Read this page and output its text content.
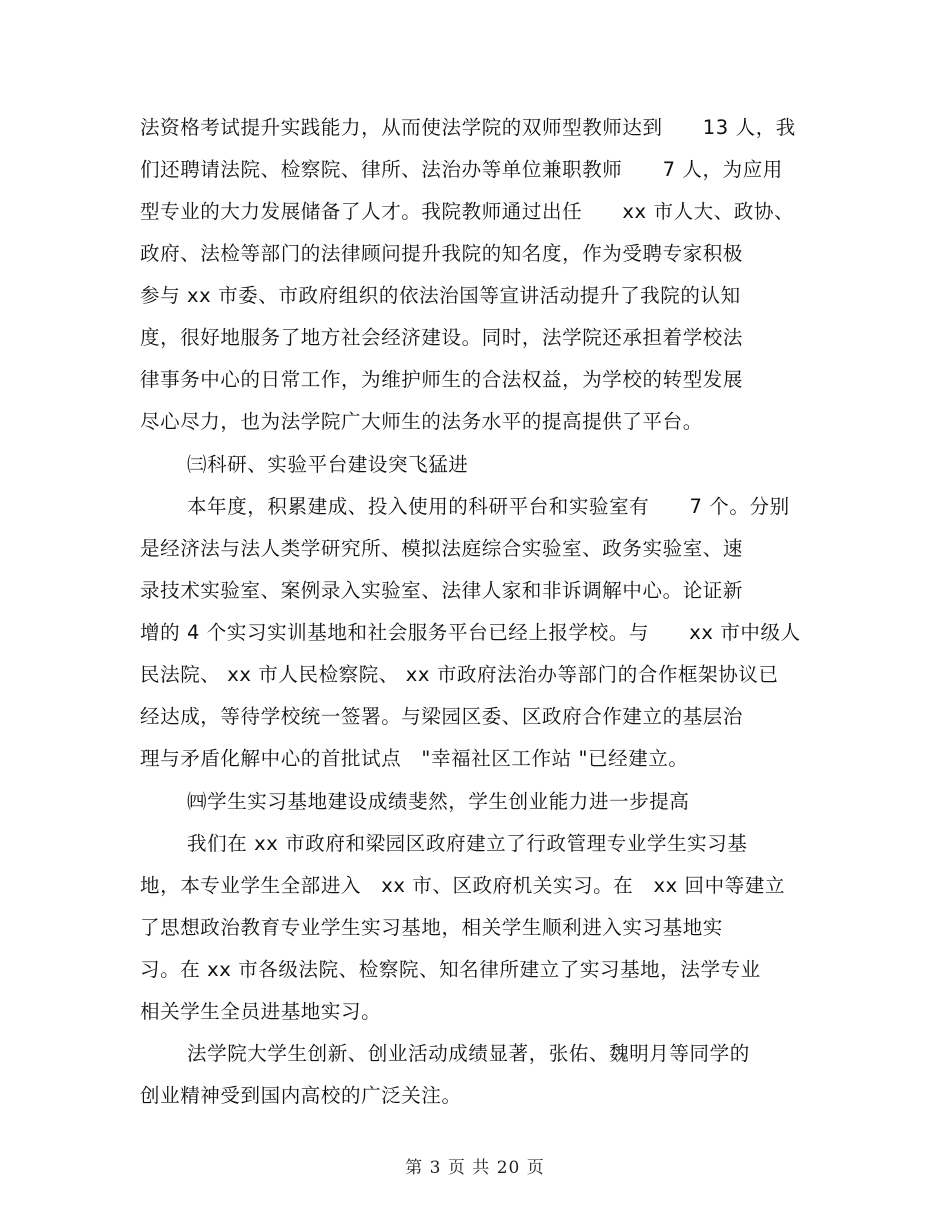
法资格考试提升实践能力，从而使法学院的双师型教师达到　　13 人，我
们还聘请法院、检察院、律所、法治办等单位兼职教师　　7 人，为应用
型专业的大力发展储备了人才。我院教师通过出任　　xx 市人大、政协、
政府、法检等部门的法律顾问提升我院的知名度，作为受聘专家积极
参与 xx 市委、市政府组织的依法治国等宣讲活动提升了我院的认知
度，很好地服务了地方社会经济建设。同时，法学院还承担着学校法
律事务中心的日常工作，为维护师生的合法权益，为学校的转型发展
尽心尽力，也为法学院广大师生的法务水平的提高提供了平台。
㈢科研、实验平台建设突飞猛进
本年度，积累建成、投入使用的科研平台和实验室有　　7 个。分别
是经济法与法人类学研究所、模拟法庭综合实验室、政务实验室、速
录技术实验室、案例录入实验室、法律人家和非诉调解中心。论证新
增的 4 个实习实训基地和社会服务平台已经上报学校。与　　xx 市中级人
民法院、 xx 市人民检察院、 xx 市政府法治办等部门的合作框架协议已
经达成，等待学校统一签署。与梁园区委、区政府合作建立的基层治
理与矛盾化解中心的首批试点　"幸福社区工作站 "已经建立。
㈣学生实习基地建设成绩斐然，学生创业能力进一步提高
我们在 xx 市政府和梁园区政府建立了行政管理专业学生实习基
地，本专业学生全部进入　xx 市、区政府机关实习。在　xx 回中等建立
了思想政治教育专业学生实习基地，相关学生顺利进入实习基地实
习。在 xx 市各级法院、检察院、知名律所建立了实习基地，法学专业
相关学生全员进基地实习。
法学院大学生创新、创业活动成绩显著，张佑、魏明月等同学的
创业精神受到国内高校的广泛关注。
第 3 页 共 20 页
